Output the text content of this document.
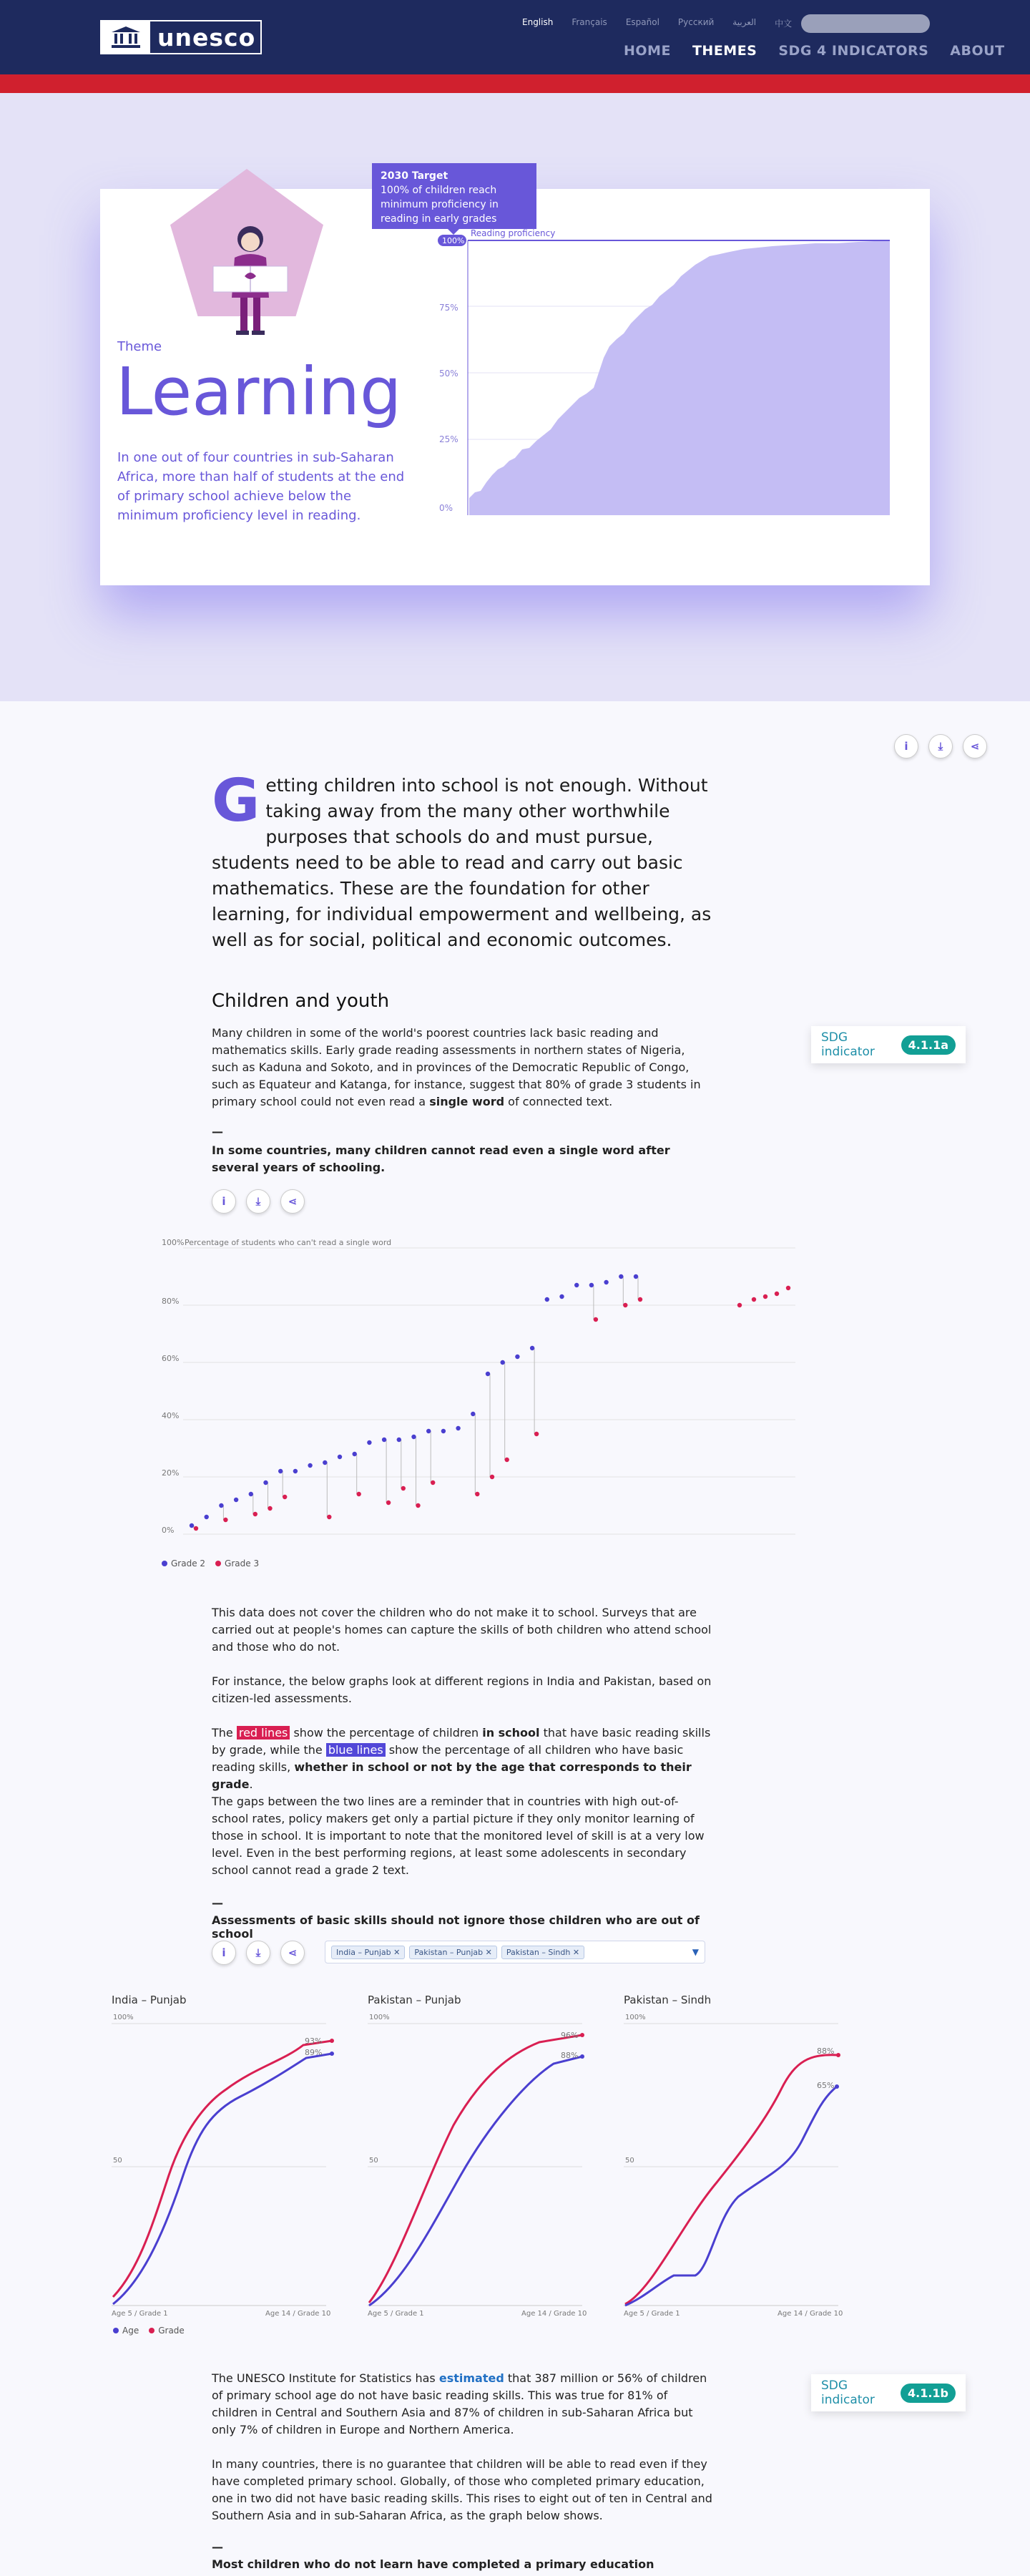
unesco
English Français Español Русский العربية 中文
HOME THEMES SDG 4 INDICATORS ABOUT
Theme
Learning
In one out of four countries in sub-Saharan Africa, more than half of students at the end of primary school achieve below the minimum proficiency level in reading.
i	⤓	⋖
2030 Target
100% of children reach minimum proficiency in reading in early grades
75%
50%
25%
0%
100%
Reading proficiency
Getting children into school is not enough. Without taking away from the many other worthwhile purposes that schools do and must pursue, students need to be able to read and carry out basic mathematics. These are the foundation for other learning, for individual empowerment and wellbeing, as well as for social, political and economic outcomes.
Children and youth
SDG indicator	4.1.1a
Many children in some of the world's poorest countries lack basic reading and mathematics skills. Early grade reading assessments in northern states of Nigeria, such as Kaduna and Sokoto, and in provinces of the Democratic Republic of Congo, such as Equateur and Katanga, for instance, suggest that 80% of grade 3 students in primary school could not even read a single word of connected text.
—
In some countries, many children cannot read even a single word after several years of schooling.
i	⤓	⋖
100% Percentage of students who can't read a single word
80%
60%
40%
20%
0%
Grade 2	Grade 3
This data does not cover the children who do not make it to school. Surveys that are carried out at people's homes can capture the skills of both children who attend school and those who do not.
For instance, the below graphs look at different regions in India and Pakistan, based on citizen-led assessments.
The red lines show the percentage of children in school that have basic reading skills by grade, while the blue lines show the percentage of all children who have basic reading skills, whether in school or not by the age that corresponds to their grade.
The gaps between the two lines are a reminder that in countries with high out-of-school rates, policy makers get only a partial picture if they only monitor learning of those in school. It is important to note that the monitored level of skill is at a very low level. Even in the best performing regions, at least some adolescents in secondary school cannot read a grade 2 text.
—
Assessments of basic skills should not ignore those children who are out of school
i	⤓	⋖	India – Punjab ✕	Pakistan – Punjab ✕	Pakistan – Sindh ✕	▼
India – Punjab	Pakistan – Punjab	Pakistan – Sindh
100%
50
93%
89%
Age 5 / Grade 1	Age 14 / Grade 10
100%
50
96%
88%
Age 5 / Grade 1	Age 14 / Grade 10
100%
50
88%
65%
Age 5 / Grade 1	Age 14 / Grade 10
Age	Grade
SDG indicator	4.1.1b
The UNESCO Institute for Statistics has estimated that 387 million or 56% of children of primary school age do not have basic reading skills. This was true for 81% of children in Central and Southern Asia and 87% of children in sub-Saharan Africa but only 7% of children in Europe and Northern America.
In many countries, there is no guarantee that children will be able to read even if they have completed primary school. Globally, of those who completed primary education, one in two did not have basic reading skills. This rises to eight out of ten in Central and Southern Asia and in sub-Saharan Africa, as the graph below shows.
—
Most children who do not learn have completed a primary education
